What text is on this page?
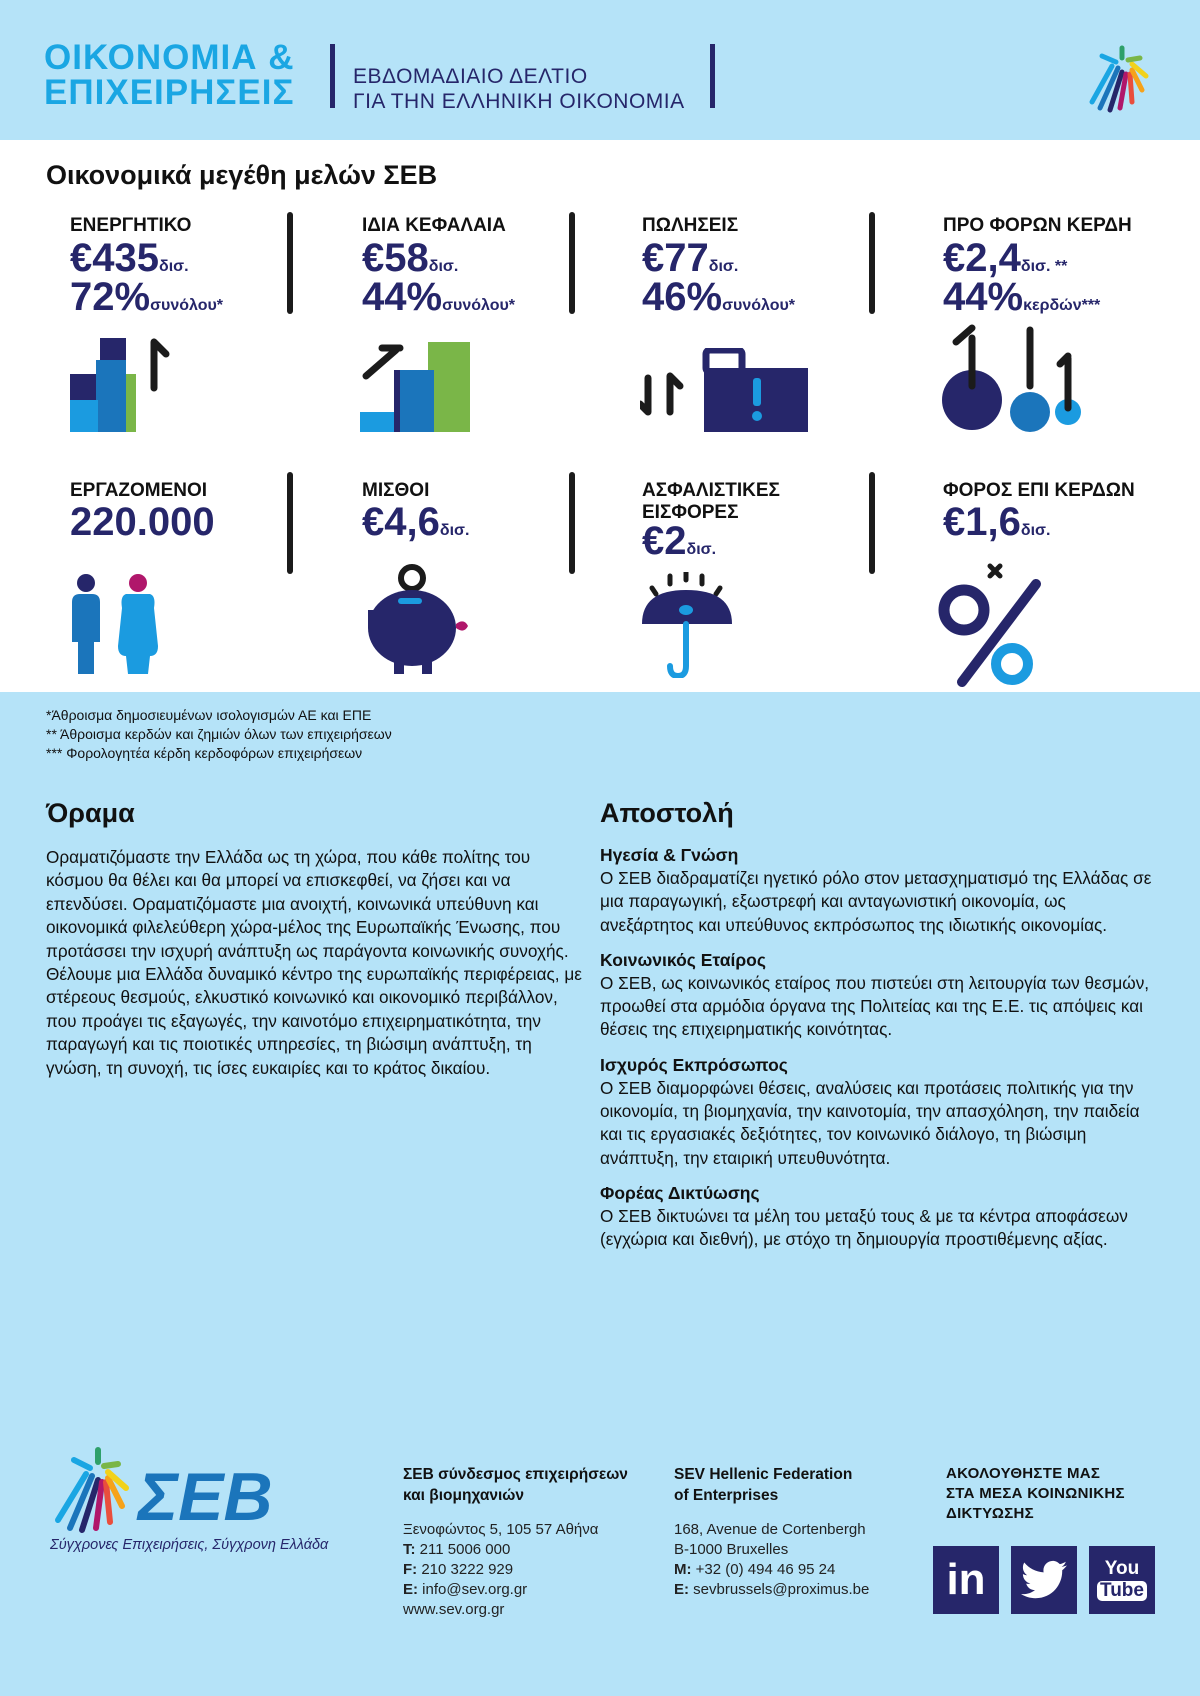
ΟΙΚΟΝΟΜΙΑ &
ΕΠΙΧΕΙΡΗΣΕΙΣ	ΕΒΔΟΜΑΔΙΑΙΟ ΔΕΛΤΙΟ
ΓΙΑ ΤΗΝ ΕΛΛΗΝΙΚΗ ΟΙΚΟΝΟΜΙΑ
Οικονομικά μεγέθη μελών ΣΕΒ
ΕΝΕΡΓΗΤΙΚΟ
€435δισ.
72%συνόλου*
ΙΔΙΑ ΚΕΦΑΛΑΙΑ
€58δισ.
44%συνόλου*
ΠΩΛΗΣΕΙΣ
€77δισ.
46%συνόλου*
ΠΡΟ ΦΟΡΩΝ ΚΕΡΔΗ
€2,4δισ. **
44%κερδών***
ΕΡΓΑΖΟΜΕΝΟΙ
220.000
ΜΙΣΘΟΙ
€4,6δισ.
ΑΣΦΑΛΙΣΤΙΚΕΣ
ΕΙΣΦΟΡΕΣ
€2δισ.
ΦΟΡΟΣ ΕΠΙ ΚΕΡΔΩΝ
€1,6δισ.
*Άθροισμα δημοσιευμένων ισολογισμών ΑΕ και ΕΠΕ
** Άθροισμα κερδών και ζημιών όλων των επιχειρήσεων
*** Φορολογητέα κέρδη κερδοφόρων επιχειρήσεων
Όραμα
Οραματιζόμαστε την Ελλάδα ως τη χώρα, που κάθε πολίτης του κόσμου θα θέλει και θα μπορεί να επισκεφθεί, να ζήσει και να επενδύσει. Οραματιζόμαστε μια ανοιχτή, κοινωνικά υπεύθυνη και οικονομικά φιλελεύθερη χώρα-μέλος της Ευρωπαϊκής Ένωσης, που προτάσσει την ισχυρή ανάπτυξη ως παράγοντα κοινωνικής συνοχής. Θέλουμε μια Ελλάδα δυναμικό κέντρο της ευρωπαϊκής περιφέρειας, με στέρεους θεσμούς, ελκυστικό κοινωνικό και οικονομικό περιβάλλον, που προάγει τις εξαγωγές, την καινοτόμο επιχειρηματικότητα, την παραγωγή και τις ποιοτικές υπηρεσίες, τη βιώσιμη ανάπτυξη, τη γνώση, τη συνοχή, τις ίσες ευκαιρίες και το κράτος δικαίου.
Αποστολή
Ηγεσία & Γνώση

Ο ΣΕΒ διαδραματίζει ηγετικό ρόλο στον μετασχηματισμό της Ελλάδας σε μια παραγωγική, εξωστρεφή και ανταγωνιστική οικονομία, ως ανεξάρτητος και υπεύθυνος εκπρόσωπος της ιδιωτικής οικονομίας.

Κοινωνικός Εταίρος

Ο ΣΕΒ, ως κοινωνικός εταίρος που πιστεύει στη λειτουργία των θεσμών, προωθεί στα αρμόδια όργανα της Πολιτείας και της Ε.Ε. τις απόψεις και θέσεις της επιχειρηματικής κοινότητας.

Ισχυρός Εκπρόσωπος

Ο ΣΕΒ διαμορφώνει θέσεις, αναλύσεις και προτάσεις πολιτικής για την οικονομία, τη βιομηχανία, την καινοτομία, την απασχόληση, την παιδεία και τις εργασιακές δεξιότητες, τον κοινωνικό διάλογο, τη βιώσιμη ανάπτυξη, την εταιρική υπευθυνότητα.

Φορέας Δικτύωσης

Ο ΣΕΒ δικτυώνει τα μέλη του μεταξύ τους & με τα κέντρα αποφάσεων (εγχώρια και διεθνή), με στόχο τη δημιουργία προστιθέμενης αξίας.

ΣΕΒ
Σύγχρονες Επιχειρήσεις, Σύγχρονη Ελλάδα
ΣΕΒ σύνδεσμος επιχειρήσεων
και βιομηχανιών
Ξενοφώντος 5, 105 57 Αθήνα
T: 211 5006 000
F: 210 3222 929
E: info@sev.org.gr
www.sev.org.gr
SEV Hellenic Federation
of Enterprises
168, Avenue de Cortenbergh
B-1000 Bruxelles
M: +32 (0) 494 46 95 24
E: sevbrussels@proximus.be
ΑΚΟΛΟΥΘΗΣΤΕ ΜΑΣ
ΣΤΑ ΜΕΣΑ ΚΟΙΝΩΝΙΚΗΣ
ΔΙΚΤΥΩΣΗΣ
in	You
Tube
